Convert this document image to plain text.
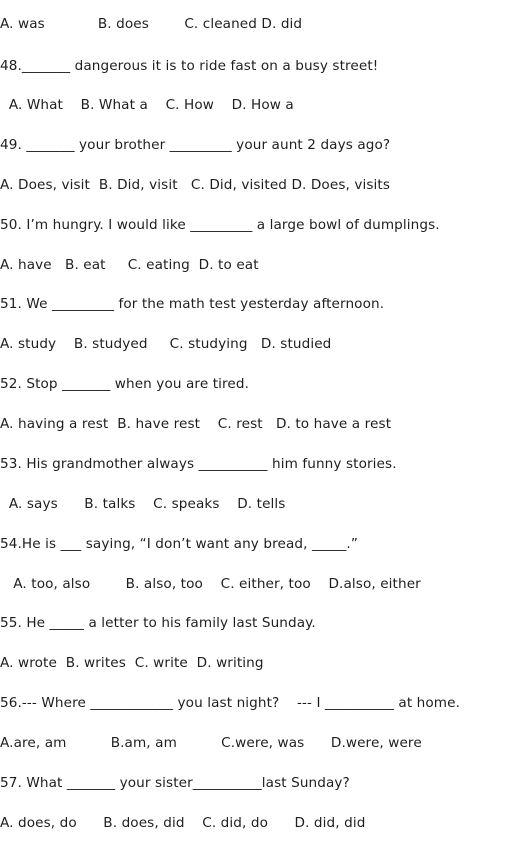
A. was            B. does        C. cleaned D. did
48._______ dangerous it is to ride fast on a busy street!
A. What    B. What a    C. How    D. How a
49. _______ your brother _________ your aunt 2 days ago?
A. Does, visit  B. Did, visit   C. Did, visited D. Does, visits
50. I’m hungry. I would like _________ a large bowl of dumplings.
A. have   B. eat     C. eating  D. to eat
51. We _________ for the math test yesterday afternoon.
A. study    B. studyed     C. studying   D. studied
52. Stop _______ when you are tired.
A. having a rest  B. have rest    C. rest   D. to have a rest
53. His grandmother always __________ him funny stories.
A. says      B. talks    C. speaks    D. tells
54.He is ___ saying, “I don’t want any bread, _____.”
A. too, also        B. also, too    C. either, too    D.also, either
55. He _____ a letter to his family last Sunday.
A. wrote  B. writes  C. write  D. writing
56.--- Where ____________ you last night?    --- I __________ at home.
A.are, am          B.am, am          C.were, was      D.were, were
57. What _______ your sister__________last Sunday?
A. does, do      B. does, did    C. did, do      D. did, did
